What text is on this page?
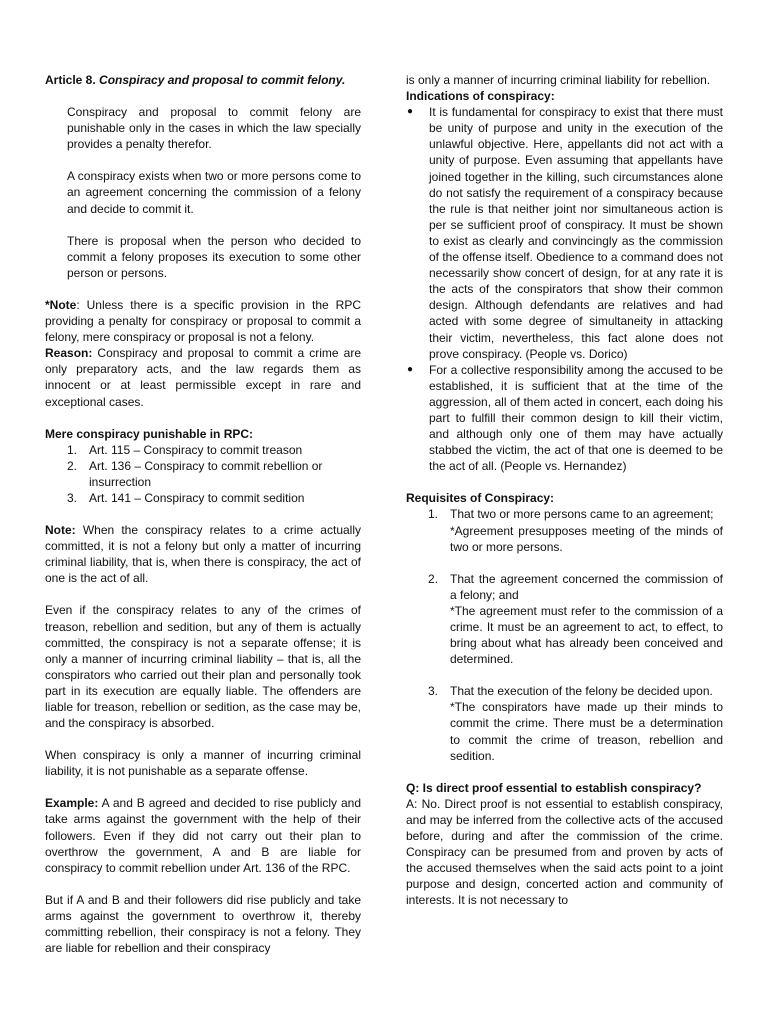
Article 8. Conspiracy and proposal to commit felony.

Conspiracy and proposal to commit felony are punishable only in the cases in which the law specially provides a penalty therefor.

A conspiracy exists when two or more persons come to an agreement concerning the commission of a felony and decide to commit it.

There is proposal when the person who decided to commit a felony proposes its execution to some other person or persons.

*Note: Unless there is a specific provision in the RPC providing a penalty for conspiracy or proposal to commit a felony, mere conspiracy or proposal is not a felony.

Reason: Conspiracy and proposal to commit a crime are only preparatory acts, and the law regards them as innocent or at least permissible except in rare and exceptional cases.

Mere conspiracy punishable in RPC:

1. Art. 115 – Conspiracy to commit treason
2. Art. 136 – Conspiracy to commit rebellion or insurrection
3. Art. 141 – Conspiracy to commit sedition

Note: When the conspiracy relates to a crime actually committed, it is not a felony but only a matter of incurring criminal liability, that is, when there is conspiracy, the act of one is the act of all.

Even if the conspiracy relates to any of the crimes of treason, rebellion and sedition, but any of them is actually committed, the conspiracy is not a separate offense; it is only a manner of incurring criminal liability – that is, all the conspirators who carried out their plan and personally took part in its execution are equally liable. The offenders are liable for treason, rebellion or sedition, as the case may be, and the conspiracy is absorbed.

When conspiracy is only a manner of incurring criminal liability, it is not punishable as a separate offense.

Example: A and B agreed and decided to rise publicly and take arms against the government with the help of their followers. Even if they did not carry out their plan to overthrow the government, A and B are liable for conspiracy to commit rebellion under Art. 136 of the RPC.

But if A and B and their followers did rise publicly and take arms against the government to overthrow it, thereby committing rebellion, their conspiracy is not a felony. They are liable for rebellion and their conspiracy

is only a manner of incurring criminal liability for rebellion.

Indications of conspiracy:

●	It is fundamental for conspiracy to exist that there must be unity of purpose and unity in the execution of the unlawful objective. Here, appellants did not act with a unity of purpose. Even assuming that appellants have joined together in the killing, such circumstances alone do not satisfy the requirement of a conspiracy because the rule is that neither joint nor simultaneous action is per se sufficient proof of conspiracy. It must be shown to exist as clearly and convincingly as the commission of the offense itself. Obedience to a command does not necessarily show concert of design, for at any rate it is the acts of the conspirators that show their common design. Although defendants are relatives and had acted with some degree of simultaneity in attacking their victim, nevertheless, this fact alone does not prove conspiracy. (People vs. Dorico)
●	For a collective responsibility among the accused to be established, it is sufficient that at the time of the aggression, all of them acted in concert, each doing his part to fulfill their common design to kill their victim, and although only one of them may have actually stabbed the victim, the act of that one is deemed to be the act of all. (People vs. Hernandez)

Requisites of Conspiracy:

1. That two or more persons came to an agreement;
*Agreement presupposes meeting of the minds of two or more persons.
2. That the agreement concerned the commission of a felony; and
*The agreement must refer to the commission of a crime. It must be an agreement to act, to effect, to bring about what has already been conceived and determined.
3. That the execution of the felony be decided upon.
*The conspirators have made up their minds to commit the crime. There must be a determination to commit the crime of treason, rebellion and sedition.

Q: Is direct proof essential to establish conspiracy?

A: No. Direct proof is not essential to establish conspiracy, and may be inferred from the collective acts of the accused before, during and after the commission of the crime. Conspiracy can be presumed from and proven by acts of the accused themselves when the said acts point to a joint purpose and design, concerted action and community of interests. It is not necessary to
